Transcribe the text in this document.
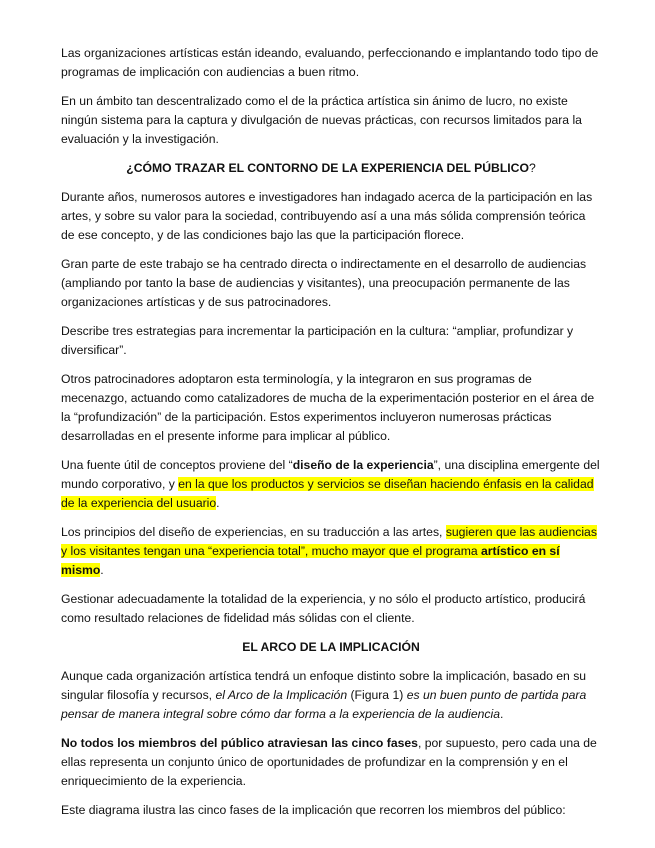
Las organizaciones artísticas están ideando, evaluando, perfeccionando e implantando todo tipo de programas de implicación con audiencias a buen ritmo.

En un ámbito tan descentralizado como el de la práctica artística sin ánimo de lucro, no existe ningún sistema para la captura y divulgación de nuevas prácticas, con recursos limitados para la evaluación y la investigación.

¿CÓMO TRAZAR EL CONTORNO DE LA EXPERIENCIA DEL PÚBLICO?

Durante años, numerosos autores e investigadores han indagado acerca de la participación en las artes, y sobre su valor para la sociedad, contribuyendo así a una más sólida comprensión teórica de ese concepto, y de las condiciones bajo las que la participación florece.

Gran parte de este trabajo se ha centrado directa o indirectamente en el desarrollo de audiencias (ampliando por tanto la base de audiencias y visitantes), una preocupación permanente de las organizaciones artísticas y de sus patrocinadores.

Describe tres estrategias para incrementar la participación en la cultura: “ampliar, profundizar y diversificar”.

Otros patrocinadores adoptaron esta terminología, y la integraron en sus programas de mecenazgo, actuando como catalizadores de mucha de la experimentación posterior en el área de la “profundización” de la participación. Estos experimentos incluyeron numerosas prácticas desarrolladas en el presente informe para implicar al público.

Una fuente útil de conceptos proviene del “diseño de la experiencia”, una disciplina emergente del mundo corporativo, y en la que los productos y servicios se diseñan haciendo énfasis en la calidad de la experiencia del usuario.

Los principios del diseño de experiencias, en su traducción a las artes, sugieren que las audiencias y los visitantes tengan una “experiencia total”, mucho mayor que el programa artístico en sí mismo.

Gestionar adecuadamente la totalidad de la experiencia, y no sólo el producto artístico, producirá como resultado relaciones de fidelidad más sólidas con el cliente.

EL ARCO DE LA IMPLICACIÓN

Aunque cada organización artística tendrá un enfoque distinto sobre la implicación, basado en su singular filosofía y recursos, el Arco de la Implicación (Figura 1) es un buen punto de partida para pensar de manera integral sobre cómo dar forma a la experiencia de la audiencia.

No todos los miembros del público atraviesan las cinco fases, por supuesto, pero cada una de ellas representa un conjunto único de oportunidades de profundizar en la comprensión y en el enriquecimiento de la experiencia.

Este diagrama ilustra las cinco fases de la implicación que recorren los miembros del público:
